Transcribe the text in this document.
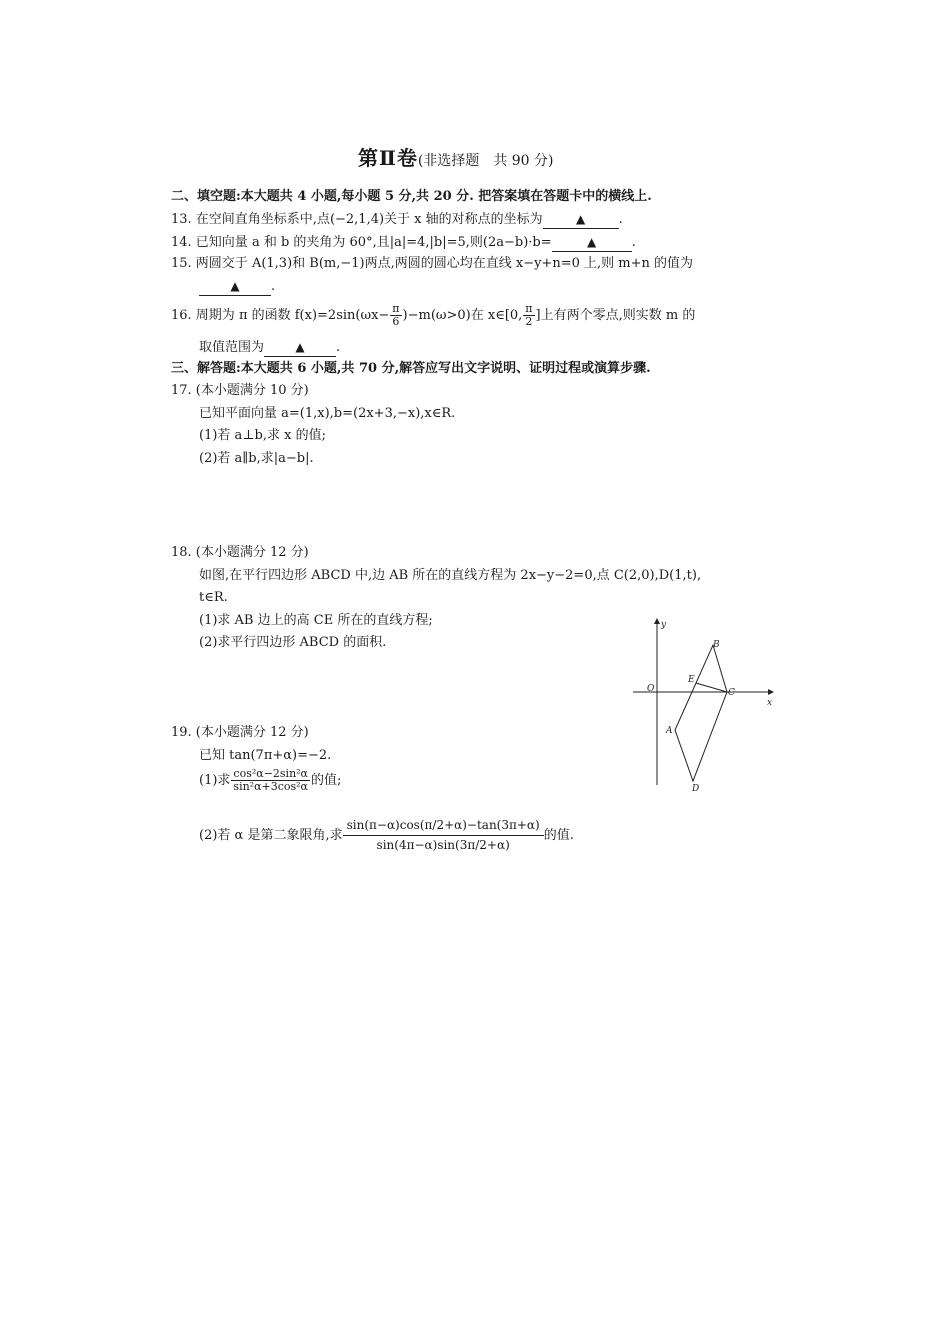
第Ⅱ卷(非选择题　共 90 分)
二、填空题:本大题共 4 小题,每小题 5 分,共 20 分. 把答案填在答题卡中的横线上.
13. 在空间直角坐标系中,点(−2,1,4)关于 x 轴的对称点的坐标为	▲	.
14. 已知向量 a 和 b 的夹角为 60°,且|a|=4,|b|=5,则(2a−b)·b=	▲	.
15. 两圆交于 A(1,3)和 B(m,−1)两点,两圆的圆心均在直线 x−y+n=0 上,则 m+n 的值为
▲ .
16. 周期为 π 的函数 $f(x)=2\sin(\omega x- \frac{\pi}{6} )-m(\omega>0)$在 x∈[0, $\frac{\pi}{2}$ ]上有两个零点,则实数 m 的
取值范围为	▲ .
三、解答题:本大题共 6 小题,共 70 分,解答应写出文字说明、证明过程或演算步骤.
17. (本小题满分 10 分)
已知平面向量 a=(1,x),b=(2x+3,−x),x∈R.
(1)若 a⊥b,求 x 的值;
(2)若 a∥b,求|a−b|.
18. (本小题满分 12 分)
如图,在平行四边形 ABCD 中,边 AB 所在的直线方程为 2x−y−2=0,点 C(2,0),D(1,t),
t∈R.
(1)求 AB 边上的高 CE 所在的直线方程;
(2)求平行四边形 ABCD 的面积.
y
x
O
A
B
C
D
E
19. (本小题满分 12 分)
已知 tan(7π+α)=−2.
(1)求 $\frac{\text{cos²α−2sin²α}}{\text{sin²α+3cos²α}}$ 的值;
(2)若 α 是第二象限角,求 $\frac{\sin(\pi-\alpha)\cos(\pi/2+\alpha)-\tan(3\pi+\alpha)}{\sin(4\pi-\alpha)\sin(3\pi/2+\alpha)}$ 的值.
